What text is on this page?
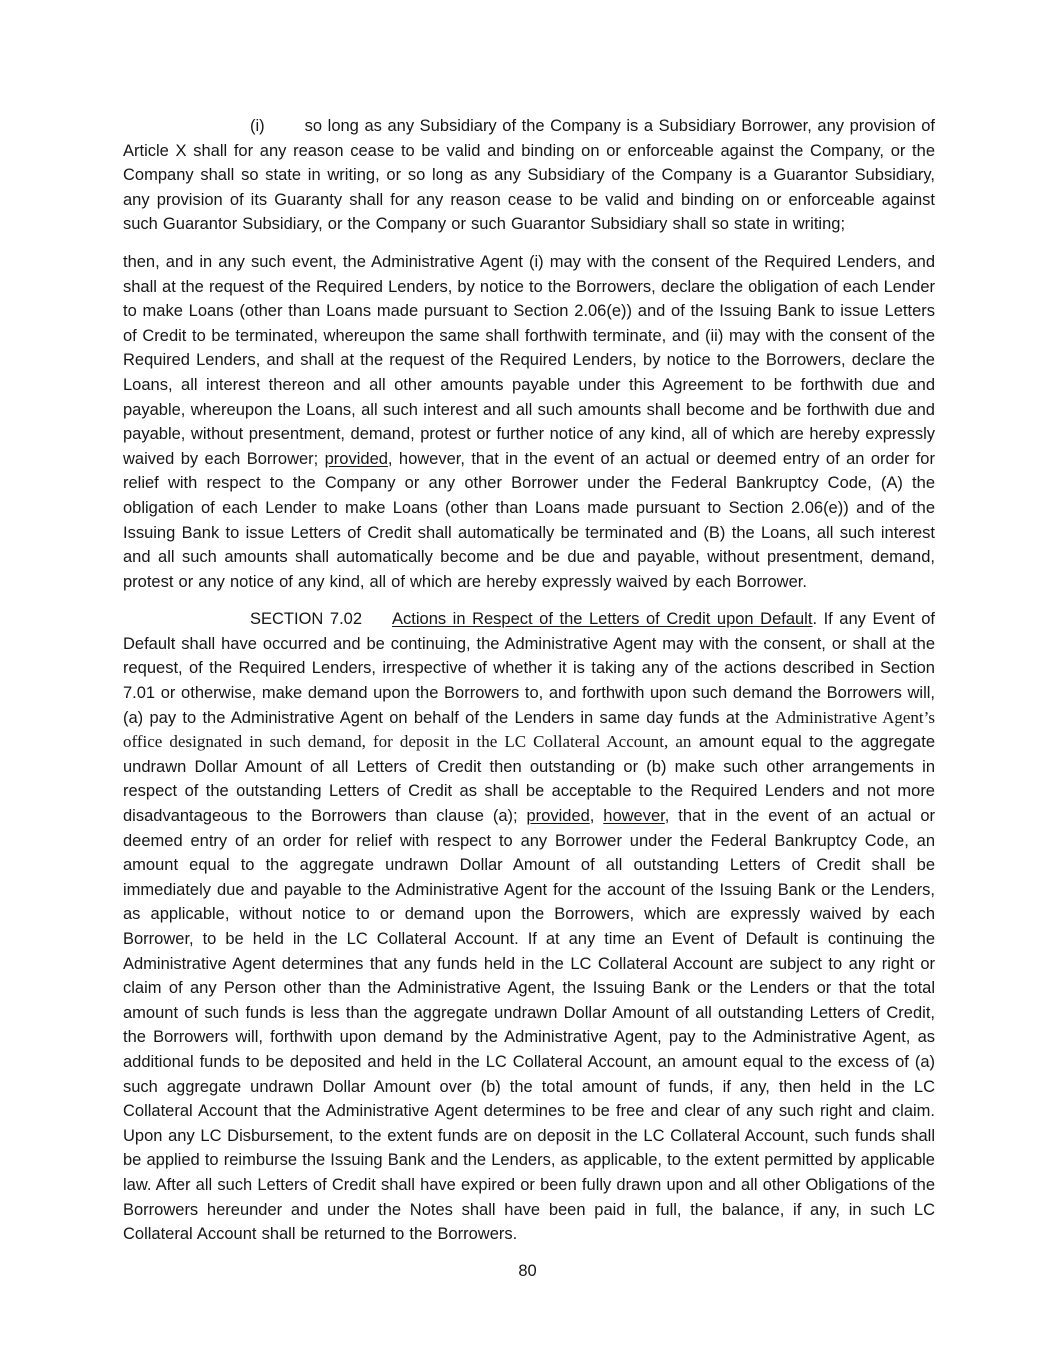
(i) so long as any Subsidiary of the Company is a Subsidiary Borrower, any provision of Article X shall for any reason cease to be valid and binding on or enforceable against the Company, or the Company shall so state in writing, or so long as any Subsidiary of the Company is a Guarantor Subsidiary, any provision of its Guaranty shall for any reason cease to be valid and binding on or enforceable against such Guarantor Subsidiary, or the Company or such Guarantor Subsidiary shall so state in writing;

then, and in any such event, the Administrative Agent (i) may with the consent of the Required Lenders, and shall at the request of the Required Lenders, by notice to the Borrowers, declare the obligation of each Lender to make Loans (other than Loans made pursuant to Section 2.06(e)) and of the Issuing Bank to issue Letters of Credit to be terminated, whereupon the same shall forthwith terminate, and (ii) may with the consent of the Required Lenders, and shall at the request of the Required Lenders, by notice to the Borrowers, declare the Loans, all interest thereon and all other amounts payable under this Agreement to be forthwith due and payable, whereupon the Loans, all such interest and all such amounts shall become and be forthwith due and payable, without presentment, demand, protest or further notice of any kind, all of which are hereby expressly waived by each Borrower; provided, however, that in the event of an actual or deemed entry of an order for relief with respect to the Company or any other Borrower under the Federal Bankruptcy Code, (A) the obligation of each Lender to make Loans (other than Loans made pursuant to Section 2.06(e)) and of the Issuing Bank to issue Letters of Credit shall automatically be terminated and (B) the Loans, all such interest and all such amounts shall automatically become and be due and payable, without presentment, demand, protest or any notice of any kind, all of which are hereby expressly waived by each Borrower.

SECTION 7.02 Actions in Respect of the Letters of Credit upon Default. If any Event of Default shall have occurred and be continuing, the Administrative Agent may with the consent, or shall at the request, of the Required Lenders, irrespective of whether it is taking any of the actions described in Section 7.01 or otherwise, make demand upon the Borrowers to, and forthwith upon such demand the Borrowers will, (a) pay to the Administrative Agent on behalf of the Lenders in same day funds at the Administrative Agent’s office designated in such demand, for deposit in the LC Collateral Account, an amount equal to the aggregate undrawn Dollar Amount of all Letters of Credit then outstanding or (b) make such other arrangements in respect of the outstanding Letters of Credit as shall be acceptable to the Required Lenders and not more disadvantageous to the Borrowers than clause (a); provided, however, that in the event of an actual or deemed entry of an order for relief with respect to any Borrower under the Federal Bankruptcy Code, an amount equal to the aggregate undrawn Dollar Amount of all outstanding Letters of Credit shall be immediately due and payable to the Administrative Agent for the account of the Issuing Bank or the Lenders, as applicable, without notice to or demand upon the Borrowers, which are expressly waived by each Borrower, to be held in the LC Collateral Account. If at any time an Event of Default is continuing the Administrative Agent determines that any funds held in the LC Collateral Account are subject to any right or claim of any Person other than the Administrative Agent, the Issuing Bank or the Lenders or that the total amount of such funds is less than the aggregate undrawn Dollar Amount of all outstanding Letters of Credit, the Borrowers will, forthwith upon demand by the Administrative Agent, pay to the Administrative Agent, as additional funds to be deposited and held in the LC Collateral Account, an amount equal to the excess of (a) such aggregate undrawn Dollar Amount over (b) the total amount of funds, if any, then held in the LC Collateral Account that the Administrative Agent determines to be free and clear of any such right and claim. Upon any LC Disbursement, to the extent funds are on deposit in the LC Collateral Account, such funds shall be applied to reimburse the Issuing Bank and the Lenders, as applicable, to the extent permitted by applicable law. After all such Letters of Credit shall have expired or been fully drawn upon and all other Obligations of the Borrowers hereunder and under the Notes shall have been paid in full, the balance, if any, in such LC Collateral Account shall be returned to the Borrowers.

80
